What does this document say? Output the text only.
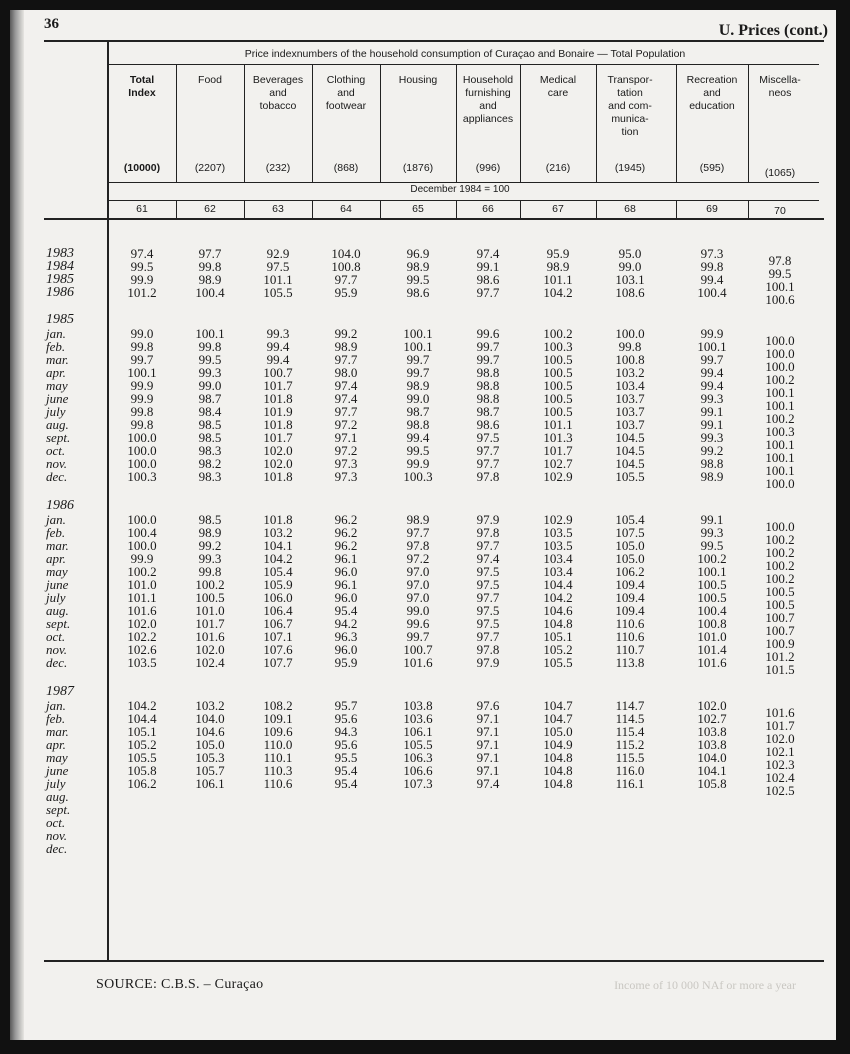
36	U. Prices (cont.)
Price indexnumbers of the household consumption of Curaçao and Bonaire — Total Population
December 1984 = 100
Total
Index
(10000)
61
Food
(2207)
62
Beverages
and
tobacco
(232)
63
Clothing
and
footwear
(868)
64
Housing
(1876)
65
Household
furnishing
and
appliances
(996)
66
Medical
care
(216)
67
Transpor-
tation
and com-
munica-
tion
(1945)
68
Recreation
and
education
(595)
69
Miscella-
neos
(1065)
70
1983	97.4	97.7	92.9	104.0	96.9	97.4	95.9	95.0	97.3	97.8
1984	99.5	99.8	97.5	100.8	98.9	99.1	98.9	99.0	99.8	99.5
1985	99.9	98.9	101.1	97.7	99.5	98.6	101.1	103.1	99.4	100.1
1986	101.2	100.4	105.5	95.9	98.6	97.7	104.2	108.6	100.4	100.6
1985
jan.	99.0	100.1	99.3	99.2	100.1	99.6	100.2	100.0	99.9	100.0
feb.	99.8	99.8	99.4	98.9	100.1	99.7	100.3	99.8	100.1	100.0
mar.	99.7	99.5	99.4	97.7	99.7	99.7	100.5	100.8	99.7	100.0
apr.	100.1	99.3	100.7	98.0	99.7	98.8	100.5	103.2	99.4	100.2
may	99.9	99.0	101.7	97.4	98.9	98.8	100.5	103.4	99.4	100.1
june	99.9	98.7	101.8	97.4	99.0	98.8	100.5	103.7	99.3	100.1
july	99.8	98.4	101.9	97.7	98.7	98.7	100.5	103.7	99.1	100.2
aug.	99.8	98.5	101.8	97.2	98.8	98.6	101.1	103.7	99.1	100.3
sept.	100.0	98.5	101.7	97.1	99.4	97.5	101.3	104.5	99.3	100.1
oct.	100.0	98.3	102.0	97.2	99.5	97.7	101.7	104.5	99.2	100.1
nov.	100.0	98.2	102.0	97.3	99.9	97.7	102.7	104.5	98.8	100.1
dec.	100.3	98.3	101.8	97.3	100.3	97.8	102.9	105.5	98.9	100.0
1986
jan.	100.0	98.5	101.8	96.2	98.9	97.9	102.9	105.4	99.1	100.0
feb.	100.4	98.9	103.2	96.2	97.7	97.8	103.5	107.5	99.3	100.2
mar.	100.0	99.2	104.1	96.2	97.8	97.7	103.5	105.0	99.5	100.2
apr.	99.9	99.3	104.2	96.1	97.2	97.4	103.4	105.0	100.2	100.2
may	100.2	99.8	105.4	96.0	97.0	97.5	103.4	106.2	100.1	100.2
june	101.0	100.2	105.9	96.1	97.0	97.5	104.4	109.4	100.5	100.5
july	101.1	100.5	106.0	96.0	97.0	97.7	104.2	109.4	100.5	100.5
aug.	101.6	101.0	106.4	95.4	99.0	97.5	104.6	109.4	100.4	100.7
sept.	102.0	101.7	106.7	94.2	99.6	97.5	104.8	110.6	100.8	100.7
oct.	102.2	101.6	107.1	96.3	99.7	97.7	105.1	110.6	101.0	100.9
nov.	102.6	102.0	107.6	96.0	100.7	97.8	105.2	110.7	101.4	101.2
dec.	103.5	102.4	107.7	95.9	101.6	97.9	105.5	113.8	101.6	101.5
1987
jan.	104.2	103.2	108.2	95.7	103.8	97.6	104.7	114.7	102.0	101.6
feb.	104.4	104.0	109.1	95.6	103.6	97.1	104.7	114.5	102.7	101.7
mar.	105.1	104.6	109.6	94.3	106.1	97.1	105.0	115.4	103.8	102.0
apr.	105.2	105.0	110.0	95.6	105.5	97.1	104.9	115.2	103.8	102.1
may	105.5	105.3	110.1	95.5	106.3	97.1	104.8	115.5	104.0	102.3
june	105.8	105.7	110.3	95.4	106.6	97.1	104.8	116.0	104.1	102.4
july	106.2	106.1	110.6	95.4	107.3	97.4	104.8	116.1	105.8	102.5
aug.
sept.
oct.
nov.
dec.
SOURCE: C.B.S. – Curaçao	Income of 10 000 NAf or more a year
